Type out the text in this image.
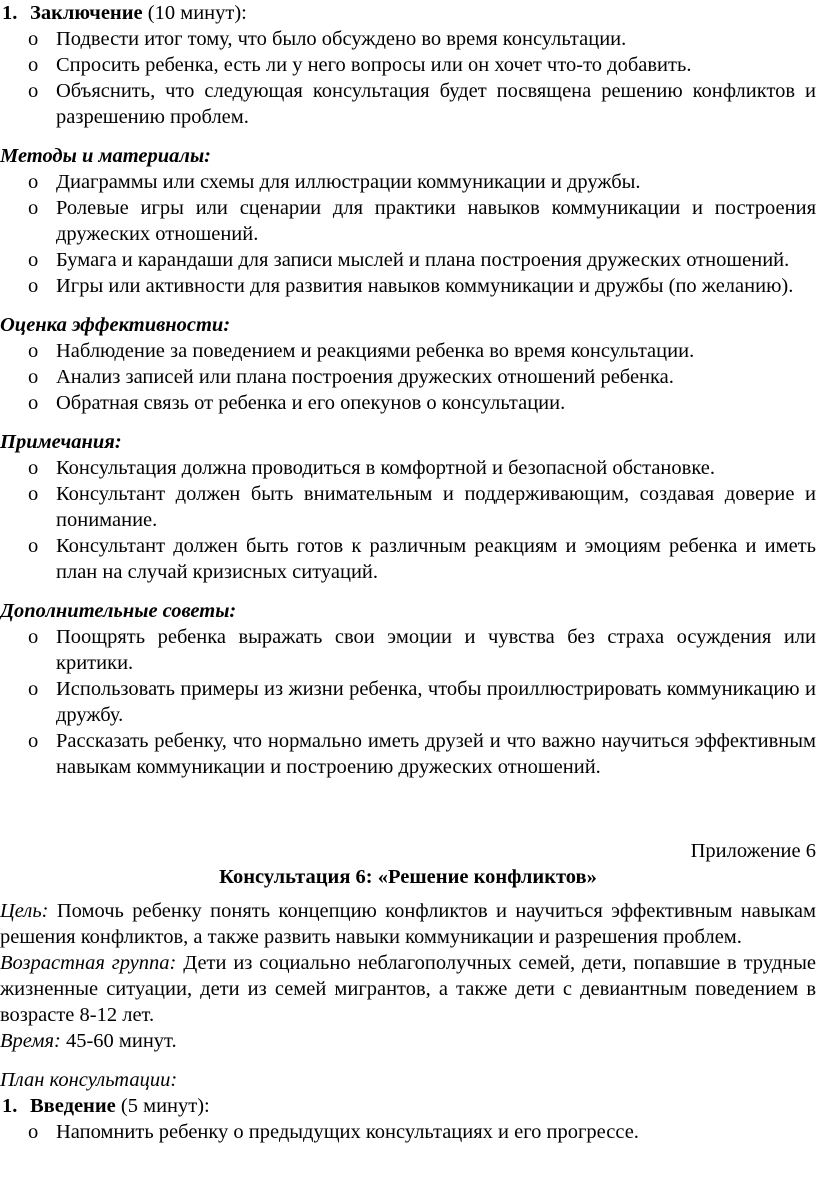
1. Заключение (10 минут):

o Подвести итог тому, что было обсуждено во время консультации.
o Спросить ребенка, есть ли у него вопросы или он хочет что-то добавить.
o Объяснить, что следующая консультация будет посвящена решению конфликтов и разрешению проблем.

Методы и материалы:

o Диаграммы или схемы для иллюстрации коммуникации и дружбы.
o Ролевые игры или сценарии для практики навыков коммуникации и построения дружеских отношений.
o Бумага и карандаши для записи мыслей и плана построения дружеских отношений.
o Игры или активности для развития навыков коммуникации и дружбы (по желанию).

Оценка эффективности:

o Наблюдение за поведением и реакциями ребенка во время консультации.
o Анализ записей или плана построения дружеских отношений ребенка.
o Обратная связь от ребенка и его опекунов о консультации.

Примечания:

o Консультация должна проводиться в комфортной и безопасной обстановке.
o Консультант должен быть внимательным и поддерживающим, создавая доверие и понимание.
o Консультант должен быть готов к различным реакциям и эмоциям ребенка и иметь план на случай кризисных ситуаций.

Дополнительные советы:

o Поощрять ребенка выражать свои эмоции и чувства без страха осуждения или критики.
o Использовать примеры из жизни ребенка, чтобы проиллюстрировать коммуникацию и дружбу.
o Рассказать ребенку, что нормально иметь друзей и что важно научиться эффективным навыкам коммуникации и построению дружеских отношений.

Приложение 6

Консультация 6: «Решение конфликтов»

Цель: Помочь ребенку понять концепцию конфликтов и научиться эффективным навыкам решения конфликтов, а также развить навыки коммуникации и разрешения проблем.

Возрастная группа: Дети из социально неблагополучных семей, дети, попавшие в трудные жизненные ситуации, дети из семей мигрантов, а также дети с девиантным поведением в возрасте 8-12 лет.

Время: 45-60 минут.

План консультации:

1. Введение (5 минут):

o Напомнить ребенку о предыдущих консультациях и его прогрессе.
